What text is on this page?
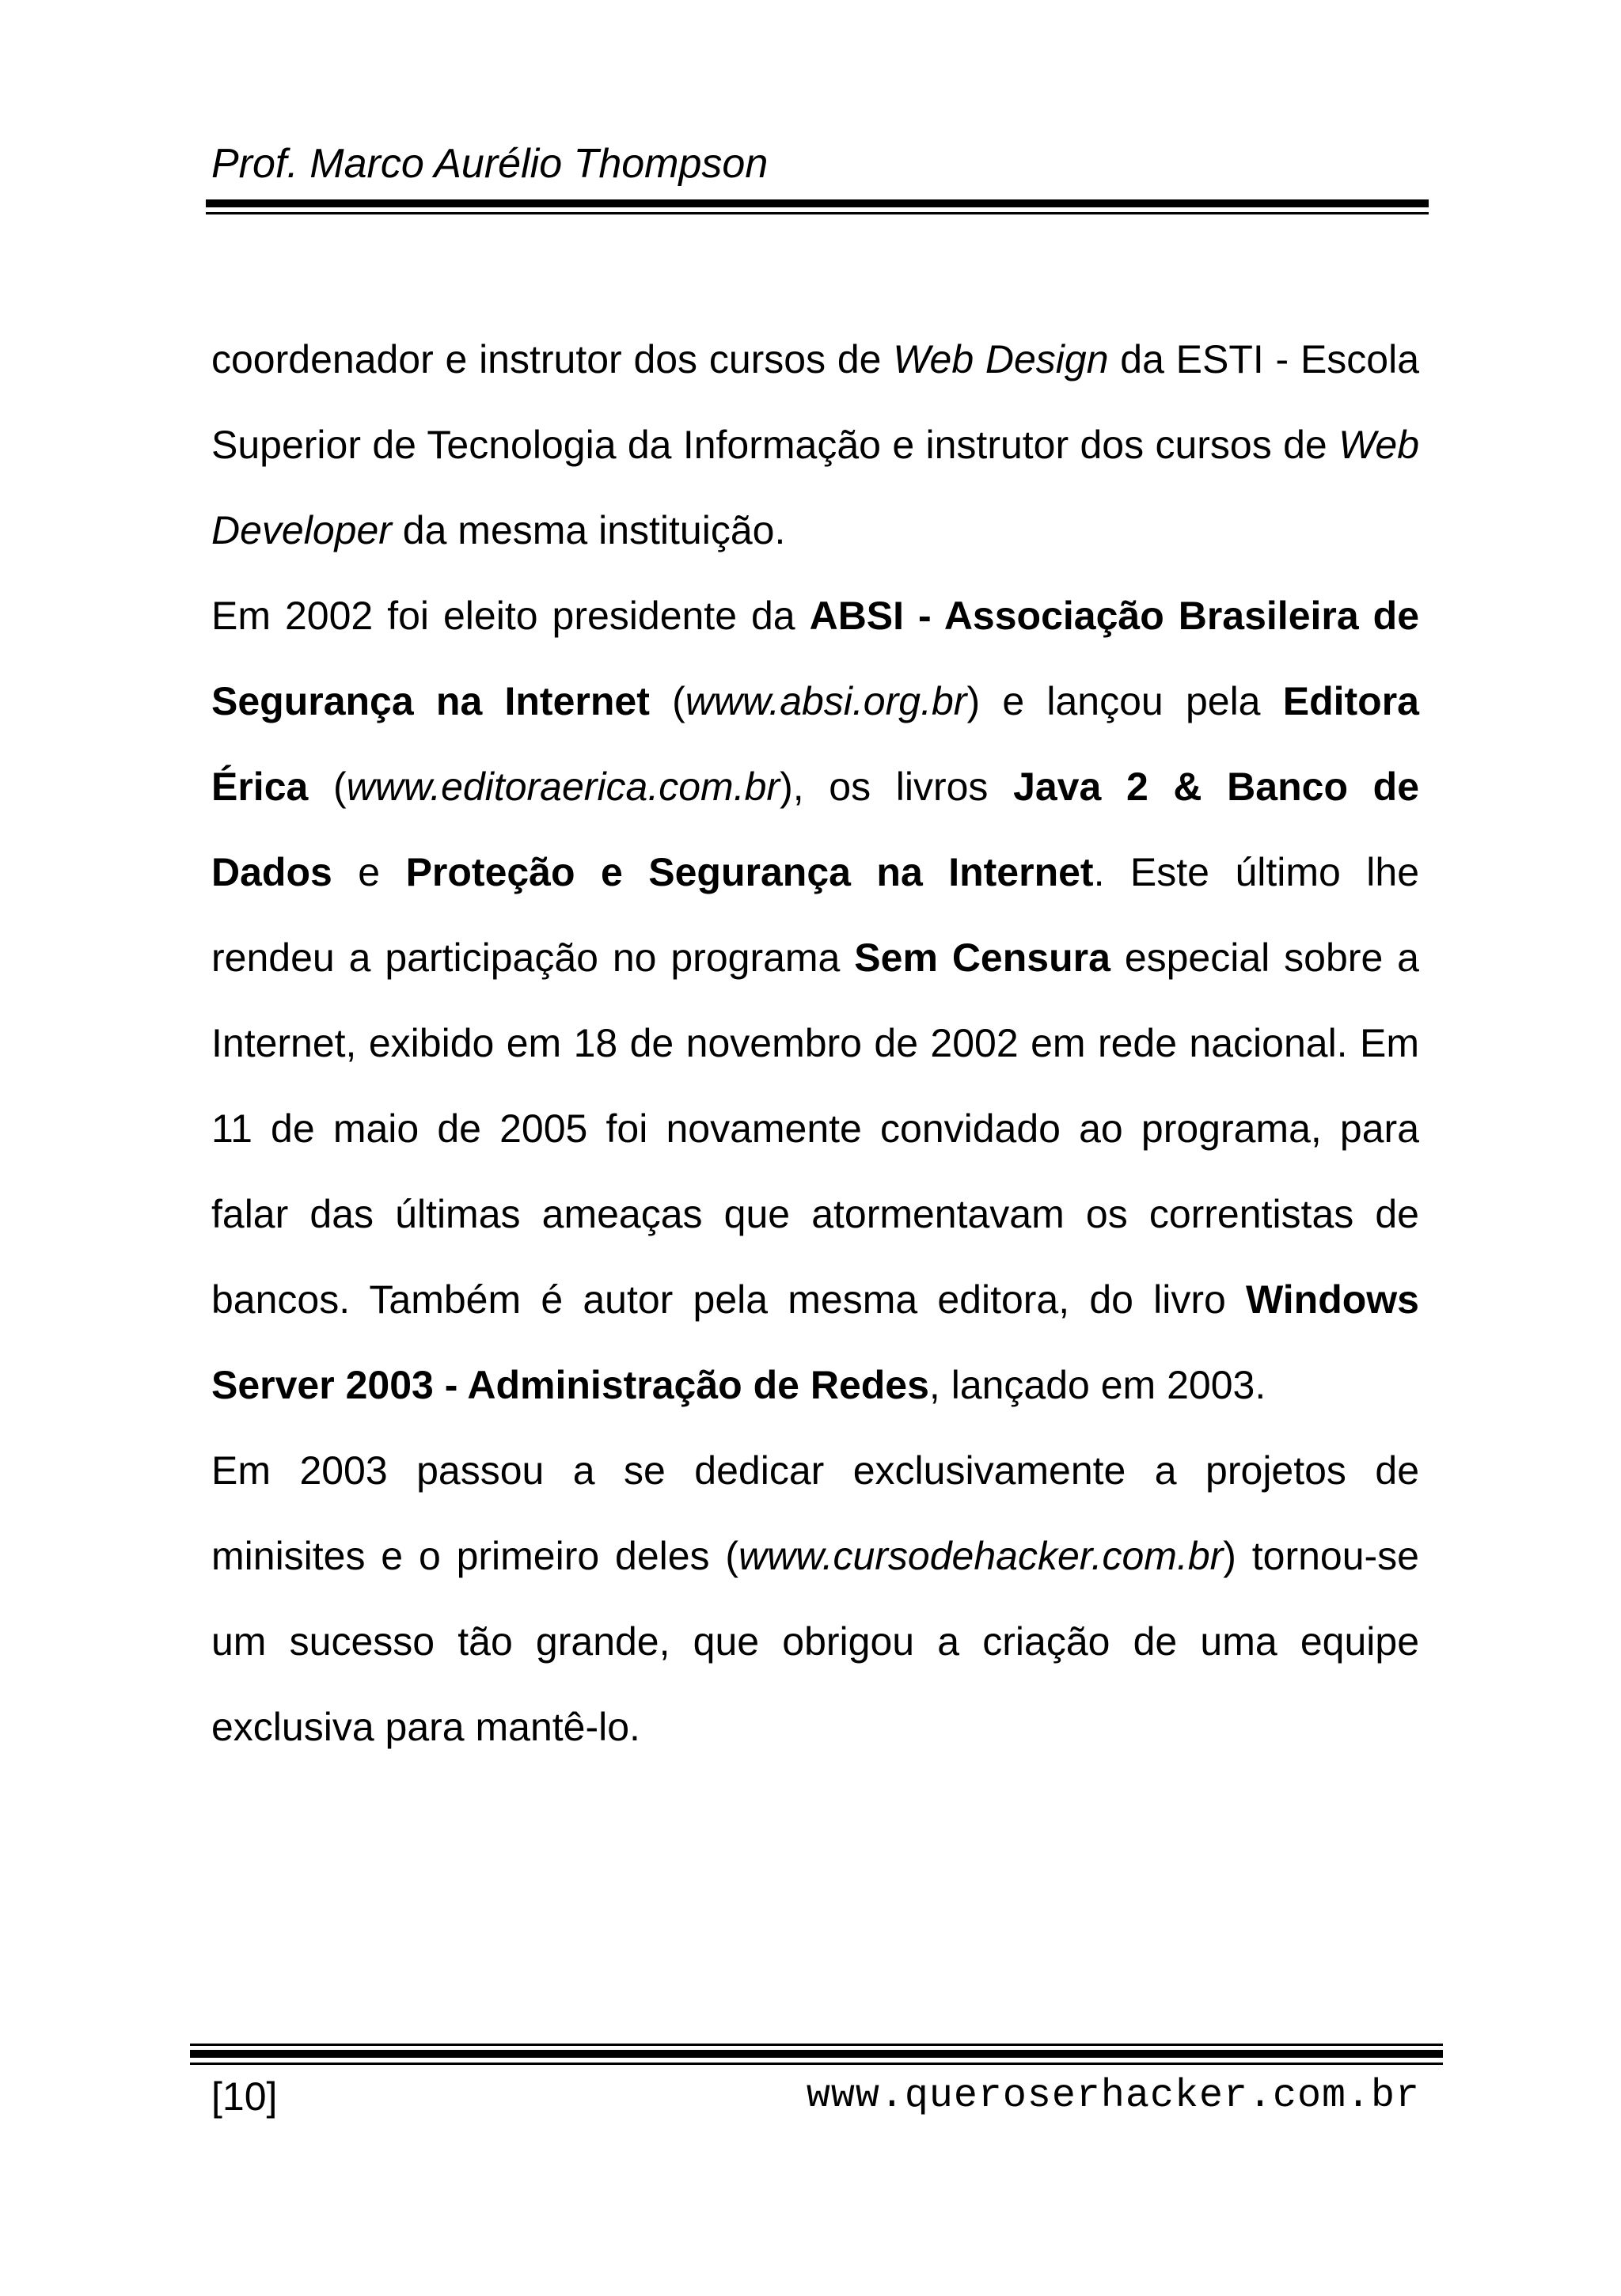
Prof. Marco Aurélio Thompson

coordenador e instrutor dos cursos de Web Design da ESTI - Escola Superior de Tecnologia da Informação e instrutor dos cursos de Web Developer da mesma instituição.

Em 2002 foi eleito presidente da ABSI - Associação Brasileira de Segurança na Internet (www.absi.org.br) e lançou pela Editora Érica (www.editoraerica.com.br), os livros Java 2 & Banco de Dados e Proteção e Segurança na Internet. Este último lhe rendeu a participação no programa Sem Censura especial sobre a Internet, exibido em 18 de novembro de 2002 em rede nacional. Em 11 de maio de 2005 foi novamente convidado ao programa, para falar das últimas ameaças que atormentavam os correntistas de bancos. Também é autor pela mesma editora, do livro Windows Server 2003 - Administração de Redes, lançado em 2003.

Em 2003 passou a se dedicar exclusivamente a projetos de minisites e o primeiro deles (www.cursodehacker.com.br) tornou-se um sucesso tão grande, que obrigou a criação de uma equipe exclusiva para mantê-lo.

[10]	www.queroserhacker.com.br
